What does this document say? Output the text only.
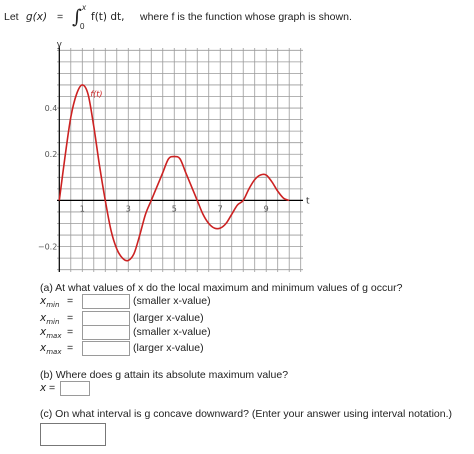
Let g(x) = ∫ x
0
f(t) dt, where f is the function whose graph is shown.
y
t
1	3	5	7	9
0.4
0.2
−0.2
f(t)
(a) At what values of x do the local maximum and minimum values of g occur?
$x_{min}$ =	(smaller x-value)
$x_{min}$ =	(larger x-value)
$x_{max}$ =	(smaller x-value)
$x_{max}$ =	(larger x-value)
(b) Where does g attain its absolute maximum value?
x =
(c) On what interval is g concave downward? (Enter your answer using interval notation.)
